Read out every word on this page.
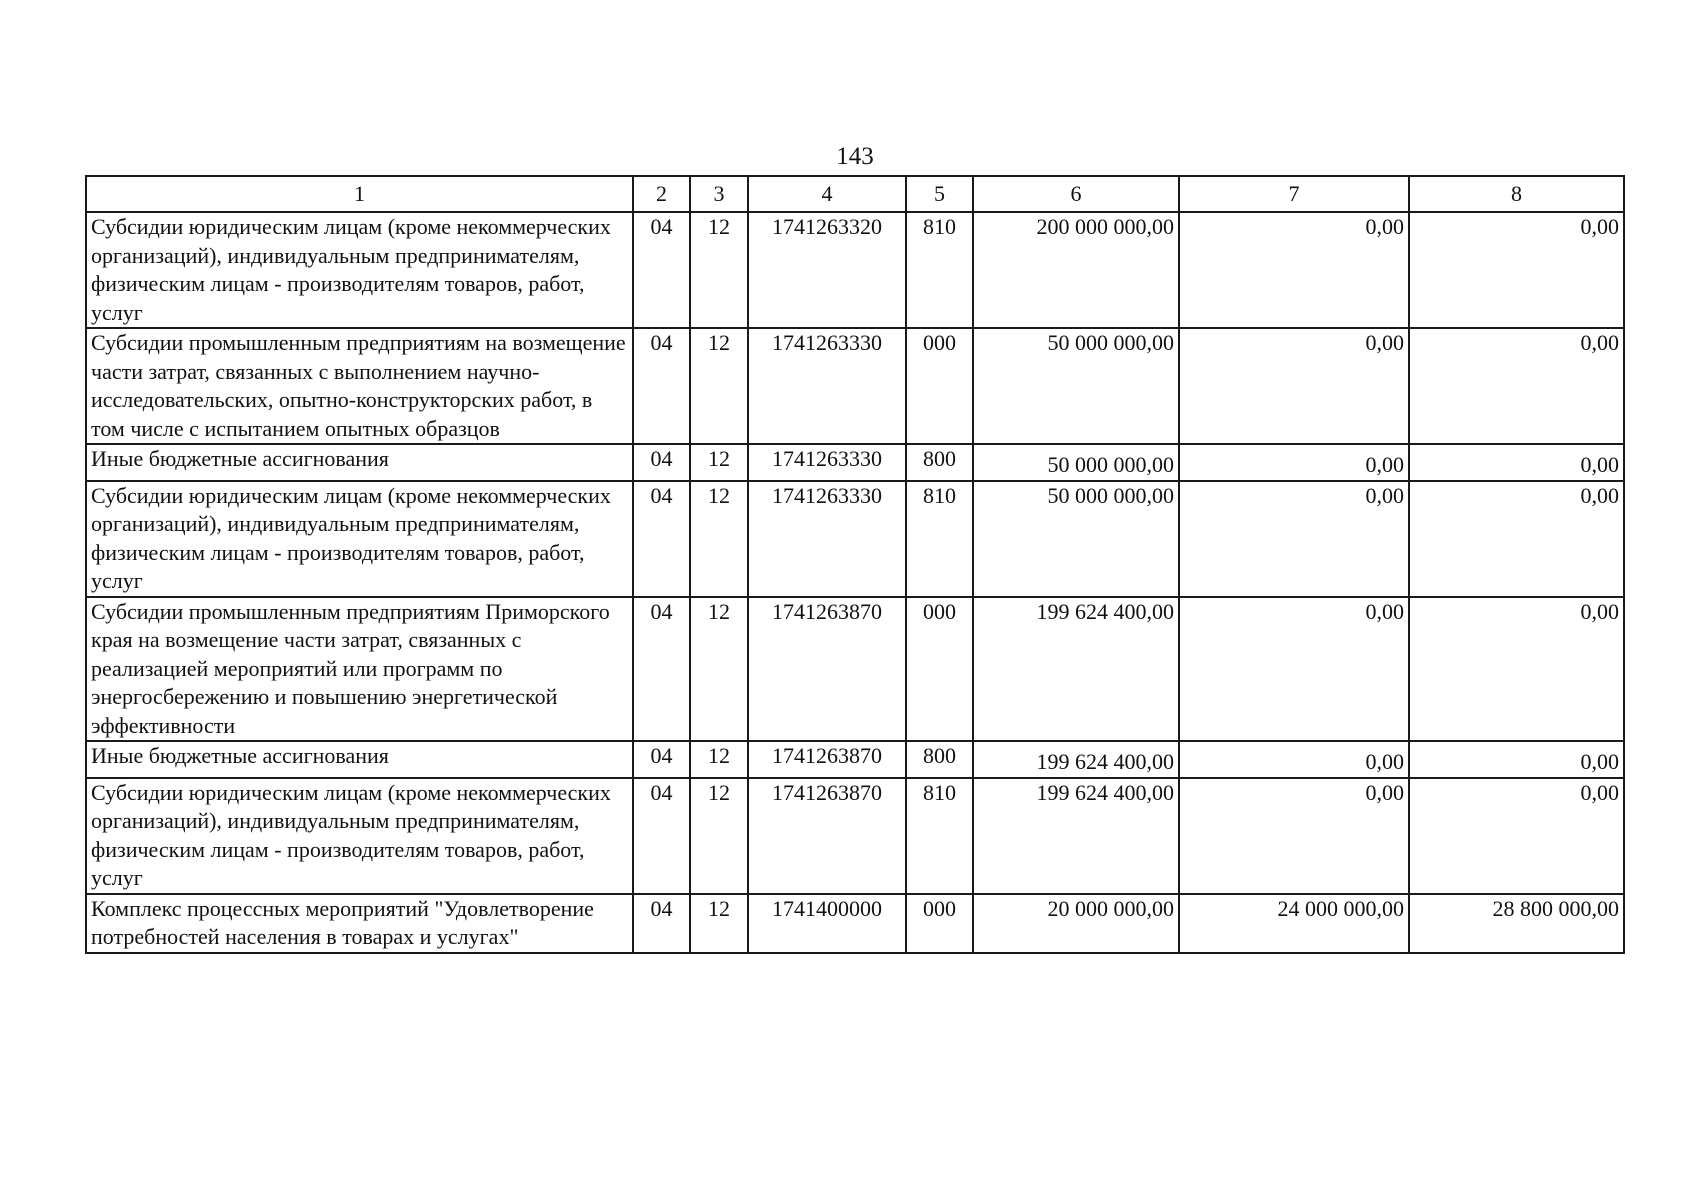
143
1	2	3	4	5	6	7	8
Субсидии юридическим лицам (кроме некоммерческих организаций), индивидуальным предпринимателям, физическим лицам - производителям товаров, работ, услуг	04	12	1741263320	810	200 000 000,00	0,00	0,00
Субсидии промышленным предприятиям на возмещение части затрат, связанных с выполнением научно-исследовательских, опытно-конструкторских работ, в том числе с испытанием опытных образцов	04	12	1741263330	000	50 000 000,00	0,00	0,00
Иные бюджетные ассигнования	04	12	1741263330	800	50 000 000,00	0,00	0,00
Субсидии юридическим лицам (кроме некоммерческих организаций), индивидуальным предпринимателям, физическим лицам - производителям товаров, работ, услуг	04	12	1741263330	810	50 000 000,00	0,00	0,00
Субсидии промышленным предприятиям Приморского края на возмещение части затрат, связанных с реализацией мероприятий или программ по энергосбережению и повышению энергетической эффективности	04	12	1741263870	000	199 624 400,00	0,00	0,00
Иные бюджетные ассигнования	04	12	1741263870	800	199 624 400,00	0,00	0,00
Субсидии юридическим лицам (кроме некоммерческих организаций), индивидуальным предпринимателям, физическим лицам - производителям товаров, работ, услуг	04	12	1741263870	810	199 624 400,00	0,00	0,00
Комплекс процессных мероприятий "Удовлетворение потребностей населения в товарах и услугах"	04	12	1741400000	000	20 000 000,00	24 000 000,00	28 800 000,00
